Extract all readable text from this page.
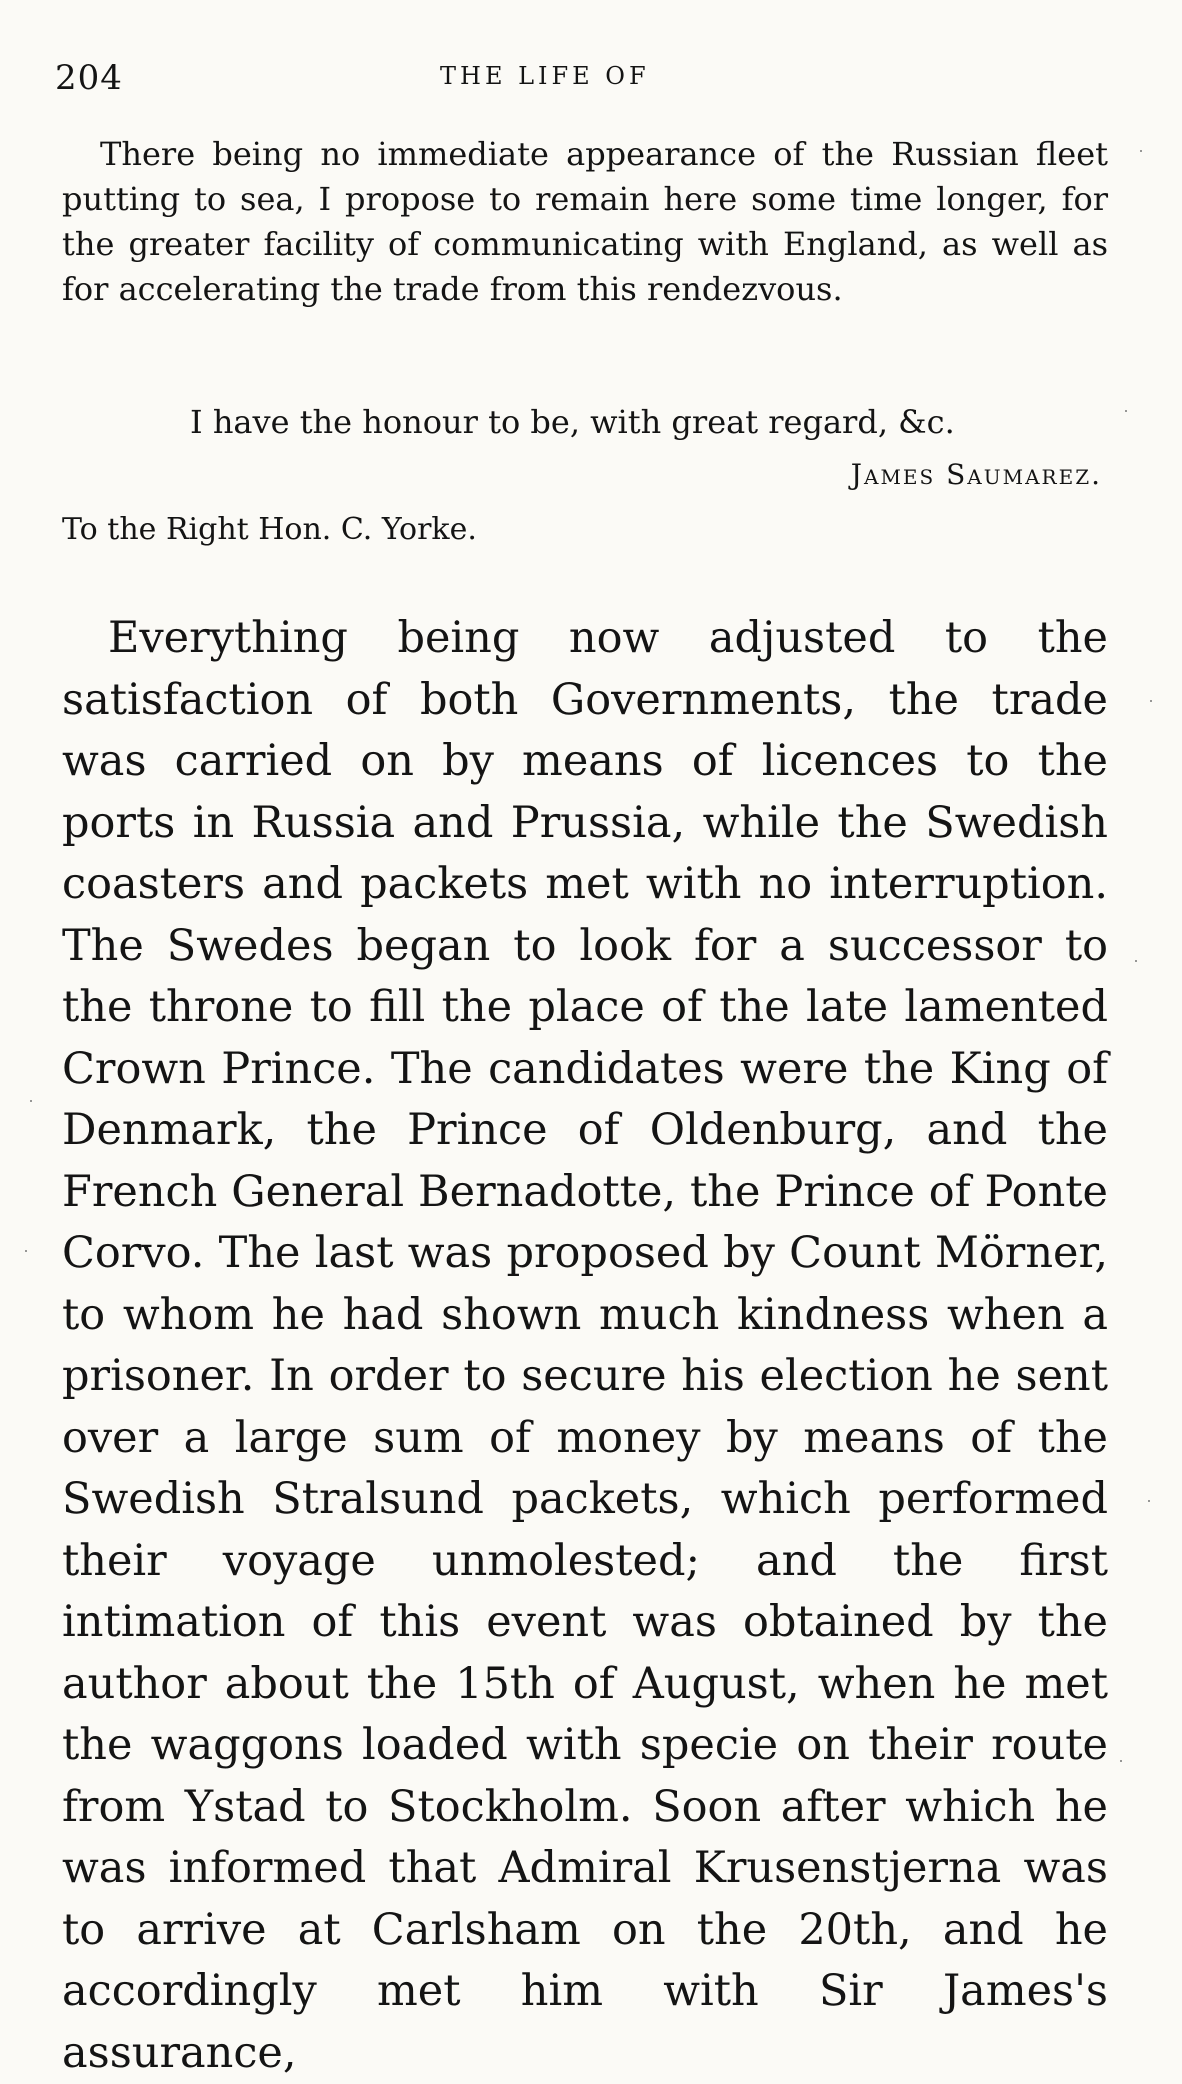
204	THE LIFE OF

There being no immediate appearance of the Russian fleet putting to sea, I propose to remain here some time longer, for the greater facility of communicating with England, as well as for accelerating the trade from this rendezvous.

I have the honour to be, with great regard, &c.
James Saumarez.
To the Right Hon. C. Yorke.

Everything being now adjusted to the satisfaction of both Governments, the trade was carried on by means of licences to the ports in Russia and Prussia, while the Swedish coasters and packets met with no interruption. The Swedes began to look for a successor to the throne to fill the place of the late lamented Crown Prince. The candidates were the King of Denmark, the Prince of Oldenburg, and the French General Bernadotte, the Prince of Ponte Corvo. The last was proposed by Count Mörner, to whom he had shown much kindness when a prisoner. In order to secure his election he sent over a large sum of money by means of the Swedish Stralsund packets, which performed their voyage unmolested; and the first intimation of this event was obtained by the author about the 15th of August, when he met the waggons loaded with specie on their route from Ystad to Stockholm. Soon after which he was informed that Admiral Krusenstjerna was to arrive at Carlsham on the 20th, and he accordingly met him with Sir James's assurance,
